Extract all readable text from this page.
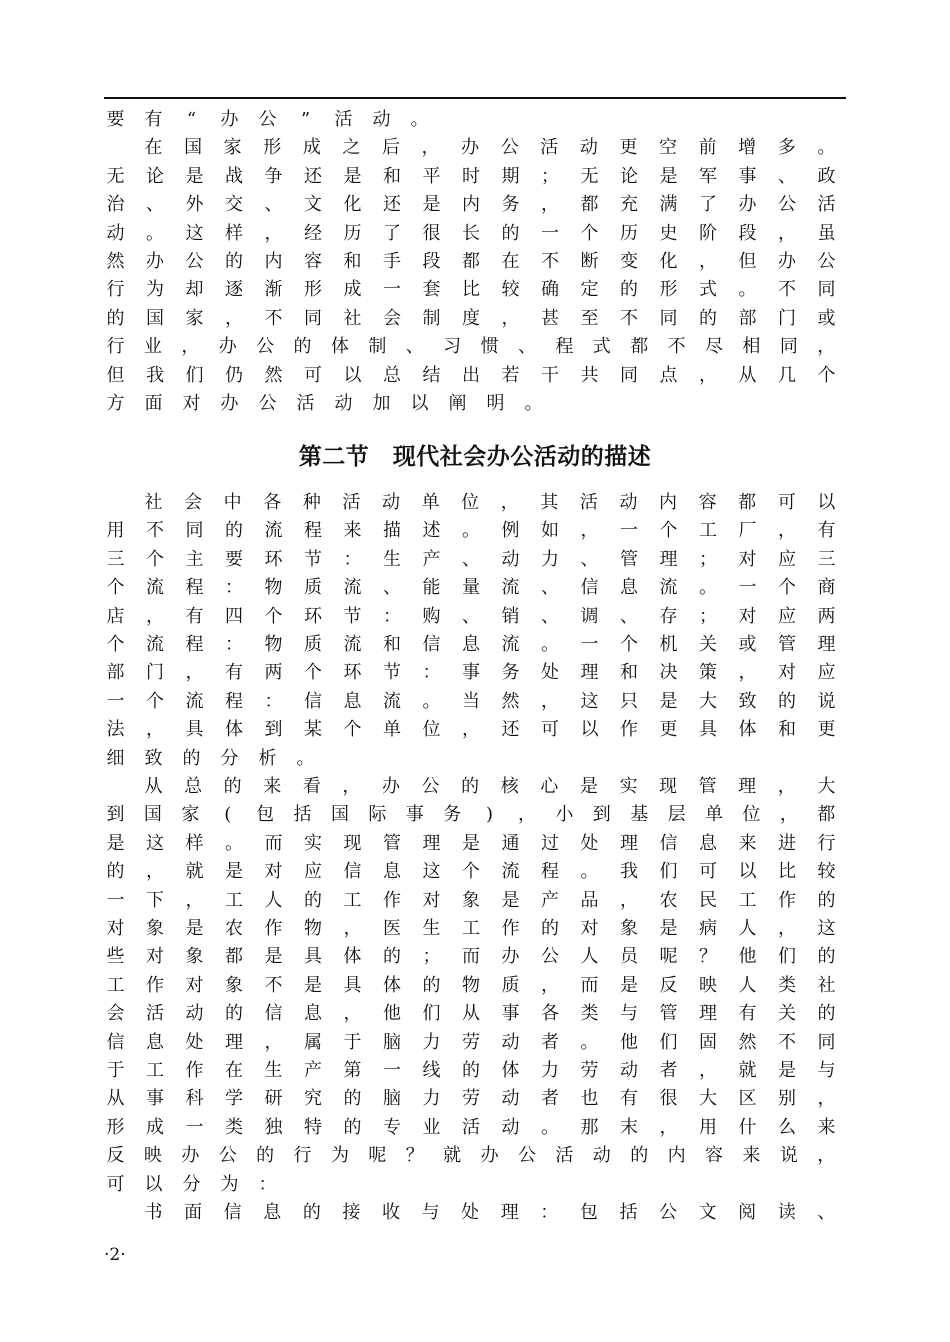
要 有 “ 办 公 ” 活 动 。
在 国 家 形 成 之 后 ， 办 公 活 动 更 空 前 增 多 。
无 论 是 战 争 还 是 和 平 时 期 ； 无 论 是 军 事 、 政
治 、 外 交 、 文 化 还 是 内 务 ， 都 充 满 了 办 公 活
动 。 这 样 ， 经 历 了 很 长 的 一 个 历 史 阶 段 ， 虽
然 办 公 的 内 容 和 手 段 都 在 不 断 变 化 ， 但 办 公
行 为 却 逐 渐 形 成 一 套 比 较 确 定 的 形 式 。 不 同
的 国 家 ， 不 同 社 会 制 度 ， 甚 至 不 同 的 部 门 或
行 业 ， 办 公 的 体 制 、 习 惯 、 程 式 都 不 尽 相 同 ，
但 我 们 仍 然 可 以 总 结 出 若 干 共 同 点 ， 从 几 个
方 面 对 办 公 活 动 加 以 阐 明 。
第二节　现代社会办公活动的描述
社 会 中 各 种 活 动 单 位 ， 其 活 动 内 容 都 可 以
用 不 同 的 流 程 来 描 述 。 例 如 ， 一 个 工 厂 ， 有
三 个 主 要 环 节 ： 生 产 、 动 力 、 管 理 ； 对 应 三
个 流 程 ： 物 质 流 、 能 量 流 、 信 息 流 。 一 个 商
店 ， 有 四 个 环 节 ： 购 、 销 、 调 、 存 ； 对 应 两
个 流 程 ： 物 质 流 和 信 息 流 。 一 个 机 关 或 管 理
部 门 ， 有 两 个 环 节 ： 事 务 处 理 和 决 策 ， 对 应
一 个 流 程 ： 信 息 流 。 当 然 ， 这 只 是 大 致 的 说
法 ， 具 体 到 某 个 单 位 ， 还 可 以 作 更 具 体 和 更
细 致 的 分 析 。
从 总 的 来 看 ， 办 公 的 核 心 是 实 现 管 理 ， 大
到 国 家	(	包 括 国 际 事 务	)	， 小 到 基 层 单 位 ， 都
是 这 样 。 而 实 现 管 理 是 通 过 处 理 信 息 来 进 行
的 ， 就 是 对 应 信 息 这 个 流 程 。 我 们 可 以 比 较
一 下 ， 工 人 的 工 作 对 象 是 产 品 ， 农 民 工 作 的
对 象 是 农 作 物 ， 医 生 工 作 的 对 象 是 病 人 ， 这
些 对 象 都 是 具 体 的 ； 而 办 公 人 员 呢 ？ 他 们 的
工 作 对 象 不 是 具 体 的 物 质 ， 而 是 反 映 人 类 社
会 活 动 的 信 息 ， 他 们 从 事 各 类 与 管 理 有 关 的
信 息 处 理 ， 属 于 脑 力 劳 动 者 。 他 们 固 然 不 同
于 工 作 在 生 产 第 一 线 的 体 力 劳 动 者 ， 就 是 与
从 事 科 学 研 究 的 脑 力 劳 动 者 也 有 很 大 区 别 ，
形 成 一 类 独 特 的 专 业 活 动 。 那 末 ， 用 什 么 来
反 映 办 公 的 行 为 呢 ？ 就 办 公 活 动 的 内 容 来 说 ，
可 以 分 为 ：
书 面 信 息 的 接 收 与 处 理 ： 包 括 公 文 阅 读 、
·2·
